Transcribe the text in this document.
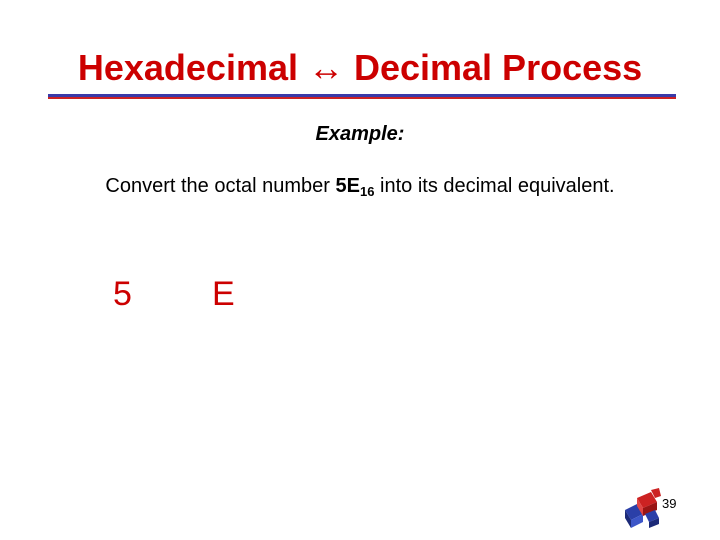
Hexadecimal ↔ Decimal Process
Example:
Convert the octal number $5E_{16}$ into its decimal equivalent.
5 E
39
